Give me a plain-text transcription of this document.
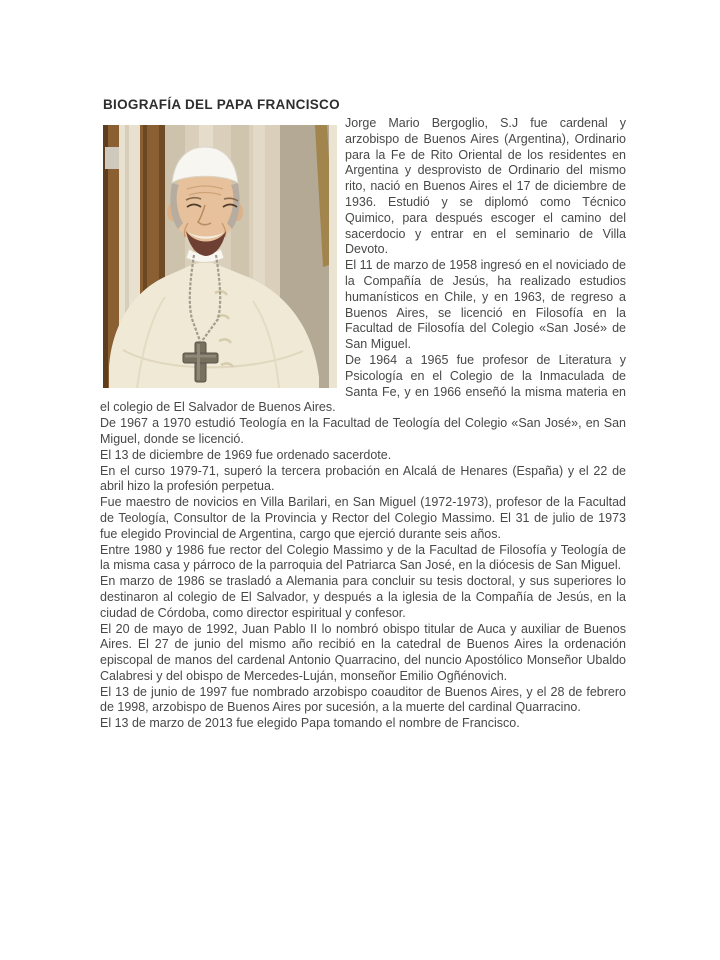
BIOGRAFÍA DEL PAPA FRANCISCO

Jorge Mario Bergoglio, S.J fue cardenal y arzobispo de Buenos Aires (Argentina), Ordinario para la Fe de Rito Oriental de los residentes en Argentina y desprovisto de Ordinario del mismo rito, nació en Buenos Aires el 17 de diciembre de 1936. Estudió y se diplomó como Técnico Quimico, para después escoger el camino del sacerdocio y entrar en el seminario de Villa Devoto.

El 11 de marzo de 1958 ingresó en el noviciado de la Compañía de Jesús, ha realizado estudios humanísticos en Chile, y en 1963, de regreso a Buenos Aires, se licenció en Filosofía en la Facultad de Filosofía del Colegio «San José» de San Miguel.

De 1964 a 1965 fue profesor de Literatura y Psicología en el Colegio de la Inmaculada de Santa Fe, y en 1966 enseñó la misma materia en el colegio de El Salvador de Buenos Aires.

De 1967 a 1970 estudió Teología en la Facultad de Teología del Colegio «San José», en San Miguel, donde se licenció.

El 13 de diciembre de 1969 fue ordenado sacerdote.

En el curso 1979-71, superó la tercera probación en Alcalá de Henares (España) y el 22 de abril hizo la profesión perpetua.

Fue maestro de novicios en Villa Barilari, en San Miguel (1972-1973), profesor de la Facultad de Teología, Consultor de la Provincia y Rector del Colegio Massimo. El 31 de julio de 1973 fue elegido Provincial de Argentina, cargo que ejerció durante seis años.

Entre 1980 y 1986 fue rector del Colegio Massimo y de la Facultad de Filosofía y Teología de la misma casa y párroco de la parroquia del Patriarca San José, en la diócesis de San Miguel.

En marzo de 1986 se trasladó a Alemania para concluir su tesis doctoral, y sus superiores lo destinaron al colegio de El Salvador, y después a la iglesia de la Compañía de Jesús, en la ciudad de Córdoba, como director espiritual y confesor.

El 20 de mayo de 1992, Juan Pablo II lo nombró obispo titular de Auca y auxiliar de Buenos Aires. El 27 de junio del mismo año recibió en la catedral de Buenos Aires la ordenación episcopal de manos del cardenal Antonio Quarracino, del nuncio Apostólico Monseñor Ubaldo Calabresi y del obispo de Mercedes-Luján, monseñor Emilio Ogñénovich.

El 13 de junio de 1997 fue nombrado arzobispo coauditor de Buenos Aires, y el 28 de febrero de 1998, arzobispo de Buenos Aires por sucesión, a la muerte del cardinal Quarracino.

El 13 de marzo de 2013 fue elegido Papa tomando el nombre de Francisco.
